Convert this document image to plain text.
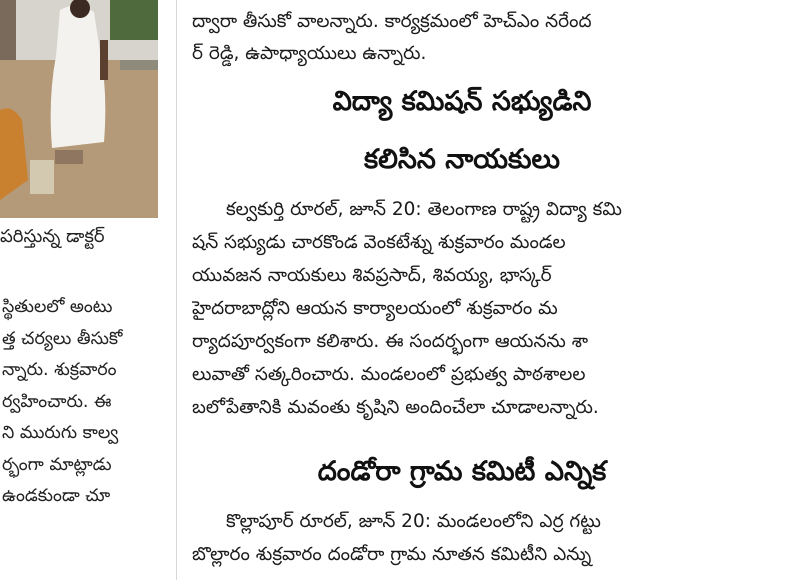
పరిస్తున్న డాక్టర్
స్థితులలో అంటు
త్త చర్యలు తీసుకో
న్నారు. శుక్రవారం
ర్వహించారు. ఈ
ని మురుగు కాల్వ
ర్భంగా మాట్లాడు
ఉండకుండా చూ
ద్వారా తీసుకో వాలన్నారు. కార్యక్రమంలో హెచ్ఎం నరేంద
ర్ రెడ్డి, ఉపాధ్యాయులు ఉన్నారు.
విద్యా కమిషన్ సభ్యుడిని
కలిసిన నాయకులు
కల్వకుర్తి రూరల్, జూన్ 20: తెలంగాణ రాష్ట్ర విద్యా కమి
షన్ సభ్యుడు చారకొండ వెంకటేశ్ను శుక్రవారం మండల
యువజన నాయకులు శివప్రసాద్, శివయ్య, భాస్కర్
హైదరాబాద్లోని ఆయన కార్యాలయంలో శుక్రవారం మ
ర్యాదపూర్వకంగా కలిశారు. ఈ సందర్భంగా ఆయనను శా
లువాతో సత్కరించారు. మండలంలో ప్రభుత్వ పాఠశాలల
బలోపేతానికి మవంతు కృషిని అందించేలా చూడాలన్నారు.
దండోరా గ్రామ కమిటీ ఎన్నిక
కొల్లాపూర్ రూరల్, జూన్ 20: మండలంలోని ఎర్ర గట్టు
బొల్లారం శుక్రవారం దండోరా గ్రామ నూతన కమిటీని ఎన్ను
